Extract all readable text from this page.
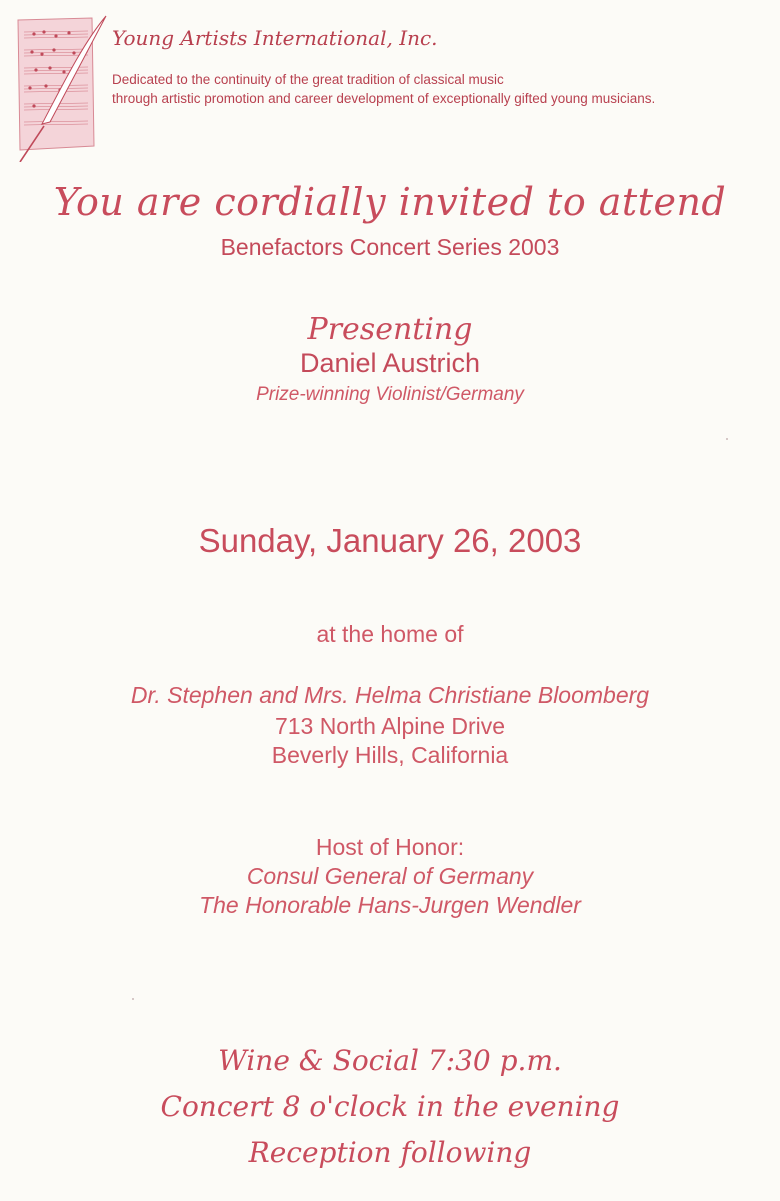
Young Artists International, Inc.
Dedicated to the continuity of the great tradition of classical music
through artistic promotion and career development of exceptionally gifted young musicians.
You are cordially invited to attend
Benefactors Concert Series 2003
Presenting
Daniel Austrich
Prize-winning Violinist/Germany
Sunday, January 26, 2003
at the home of
Dr. Stephen and Mrs. Helma Christiane Bloomberg
713 North Alpine Drive
Beverly Hills, California
Host of Honor:
Consul General of Germany
The Honorable Hans-Jurgen Wendler
Wine & Social 7:30 p.m.
Concert 8 o'clock in the evening
Reception following
